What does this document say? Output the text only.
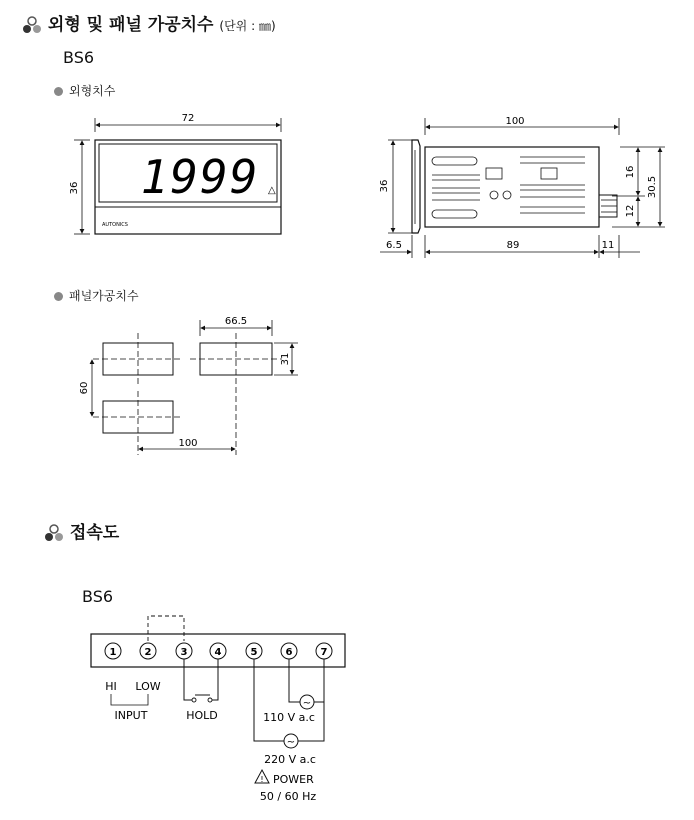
외형 및 패널 가공치수 (단위 : ㎜)
BS6
외형치수
패널가공치수
접속도
BS6
72
36 1999 △
AUTONICS
100
36
16
12
30.5
6.5	89	11
66.5
31
60
100
1	2	3	4	5	6	7
HI LOW
INPUT	HOLD
~
110 V a.c
~
220 V a.c
! POWER
50 / 60 Hz
